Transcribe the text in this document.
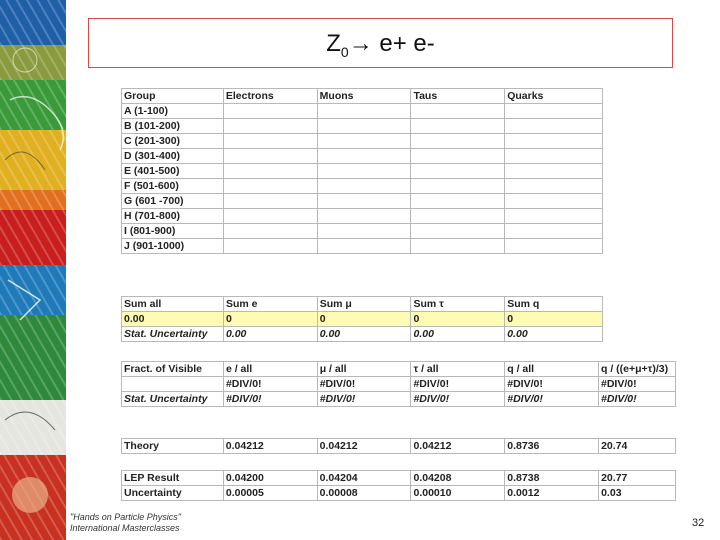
$Z_0\to e+ e-$
Group	Electrons	Muons	Taus	Quarks
A (1-100)				
B (101-200)				
C (201-300)				
D (301-400)				
E (401-500)				
F (501-600)				
G (601 -700)				
H (701-800)				
I (801-900)				
J (901-1000)				
Sum all	Sum e	Sum μ	Sum τ	Sum q
0.00	0	0	0	0
Stat. Uncertainty	0.00	0.00	0.00	0.00
Fract. of Visible	e / all	μ / all	τ / all	q / all	q / ((e+μ+τ)/3)
	#DIV/0!	#DIV/0!	#DIV/0!	#DIV/0!	#DIV/0!
Stat. Uncertainty	#DIV/0!	#DIV/0!	#DIV/0!	#DIV/0!	#DIV/0!
Theory	0.04212	0.04212	0.04212	0.8736	20.74
LEP Result	0.04200	0.04204	0.04208	0.8738	20.77
Uncertainty	0.00005	0.00008	0.00010	0.0012	0.03
"Hands on Particle Physics"
International Masterclasses	32
